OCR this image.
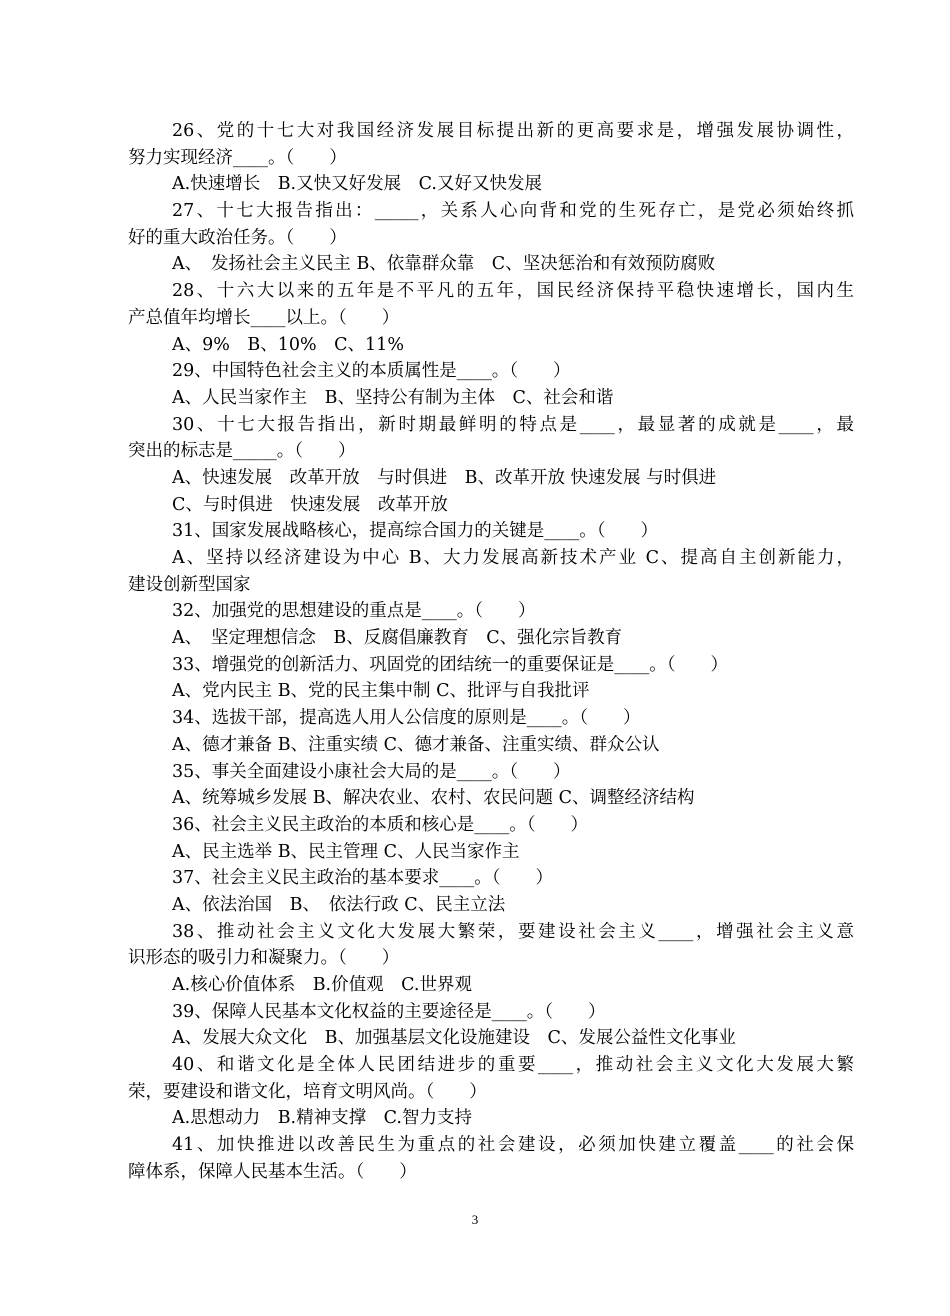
26、党的十七大对我国经济发展目标提出新的更高要求是，增强发展协调性，
努力实现经济____。（　　）
A.快速增长　B.又快又好发展　C.又好又快发展
27、十七大报告指出：_____，关系人心向背和党的生死存亡，是党必须始终抓
好的重大政治任务。（　　）
A、　发扬社会主义民主 B、依靠群众靠　C、坚决惩治和有效预防腐败
28、十六大以来的五年是不平凡的五年，国民经济保持平稳快速增长，国内生
产总值年均增长____以上。（　　）
A、9%　B、10%　C、11%
29、中国特色社会主义的本质属性是____。（　　）
A、人民当家作主　B、坚持公有制为主体　C、社会和谐
30、十七大报告指出，新时期最鲜明的特点是____，最显著的成就是____，最
突出的标志是_____。（　　）
A、快速发展　改革开放　与时俱进　B、改革开放 快速发展 与时俱进
C、与时俱进　快速发展　改革开放
31、国家发展战略核心，提高综合国力的关键是____。（　　）
A、坚持以经济建设为中心 B、大力发展高新技术产业 C、提高自主创新能力，
建设创新型国家
32、加强党的思想建设的重点是____。（　　）
A、　坚定理想信念　B、反腐倡廉教育　C、强化宗旨教育
33、增强党的创新活力、巩固党的团结统一的重要保证是____。（　　）
A、党内民主 B、党的民主集中制 C、批评与自我批评
34、选拔干部，提高选人用人公信度的原则是____。（　　）
A、德才兼备 B、注重实绩 C、德才兼备、注重实绩、群众公认
35、事关全面建设小康社会大局的是____。（　　）
A、统筹城乡发展 B、解决农业、农村、农民问题 C、调整经济结构
36、社会主义民主政治的本质和核心是____。（　　）
A、民主选举 B、民主管理 C、人民当家作主
37、社会主义民主政治的基本要求____。（　　）
A、依法治国　B、　依法行政 C、民主立法
38、推动社会主义文化大发展大繁荣，要建设社会主义____，增强社会主义意
识形态的吸引力和凝聚力。（　　）
A.核心价值体系　B.价值观　C.世界观
39、保障人民基本文化权益的主要途径是____。（　　）
A、发展大众文化　B、加强基层文化设施建设　C、发展公益性文化事业
40、和谐文化是全体人民团结进步的重要____，推动社会主义文化大发展大繁
荣，要建设和谐文化，培育文明风尚。（　　）
A.思想动力　B.精神支撑　C.智力支持
41、加快推进以改善民生为重点的社会建设，必须加快建立覆盖____的社会保
障体系，保障人民基本生活。（　　）
3
